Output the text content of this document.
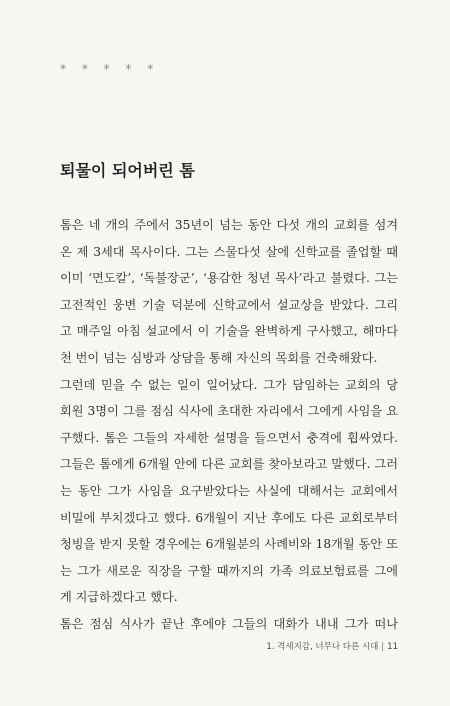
* * * * *
퇴물이 되어버린 톰
톰은 네 개의 주에서 35년이 넘는 동안 다섯 개의 교회를 섬겨
온 제 3세대 목사이다. 그는 스물다섯 살에 신학교를 졸업할 때
이미 ‘면도칼’, ‘독불장군’, ‘용감한 청년 목사’라고 불렸다. 그는
고전적인 웅변 기술 덕분에 신학교에서 설교상을 받았다. 그리
고 매주일 아침 설교에서 이 기술을 완벽하게 구사했고, 해마다
천 번이 넘는 심방과 상담을 통해 자신의 목회를 건축해왔다.
그런데 믿을 수 없는 일이 일어났다. 그가 담임하는 교회의 당
회원 3명이 그를 점심 식사에 초대한 자리에서 그에게 사임을 요
구했다. 톰은 그들의 자세한 설명을 들으면서 충격에 휩싸였다.
그들은 톰에게 6개월 안에 다른 교회를 찾아보라고 말했다. 그러
는 동안 그가 사임을 요구받았다는 사실에 대해서는 교회에서
비밀에 부치겠다고 했다. 6개월이 지난 후에도 다른 교회로부터
청빙을 받지 못할 경우에는 6개월분의 사례비와 18개월 동안 또
는 그가 새로운 직장을 구할 때까지의 가족 의료보험료를 그에
게 지급하겠다고 했다.
톰은 점심 식사가 끝난 후에야 그들의 대화가 내내 그가 떠나
1. 격세지감, 너무나 다른 시대 | 11
